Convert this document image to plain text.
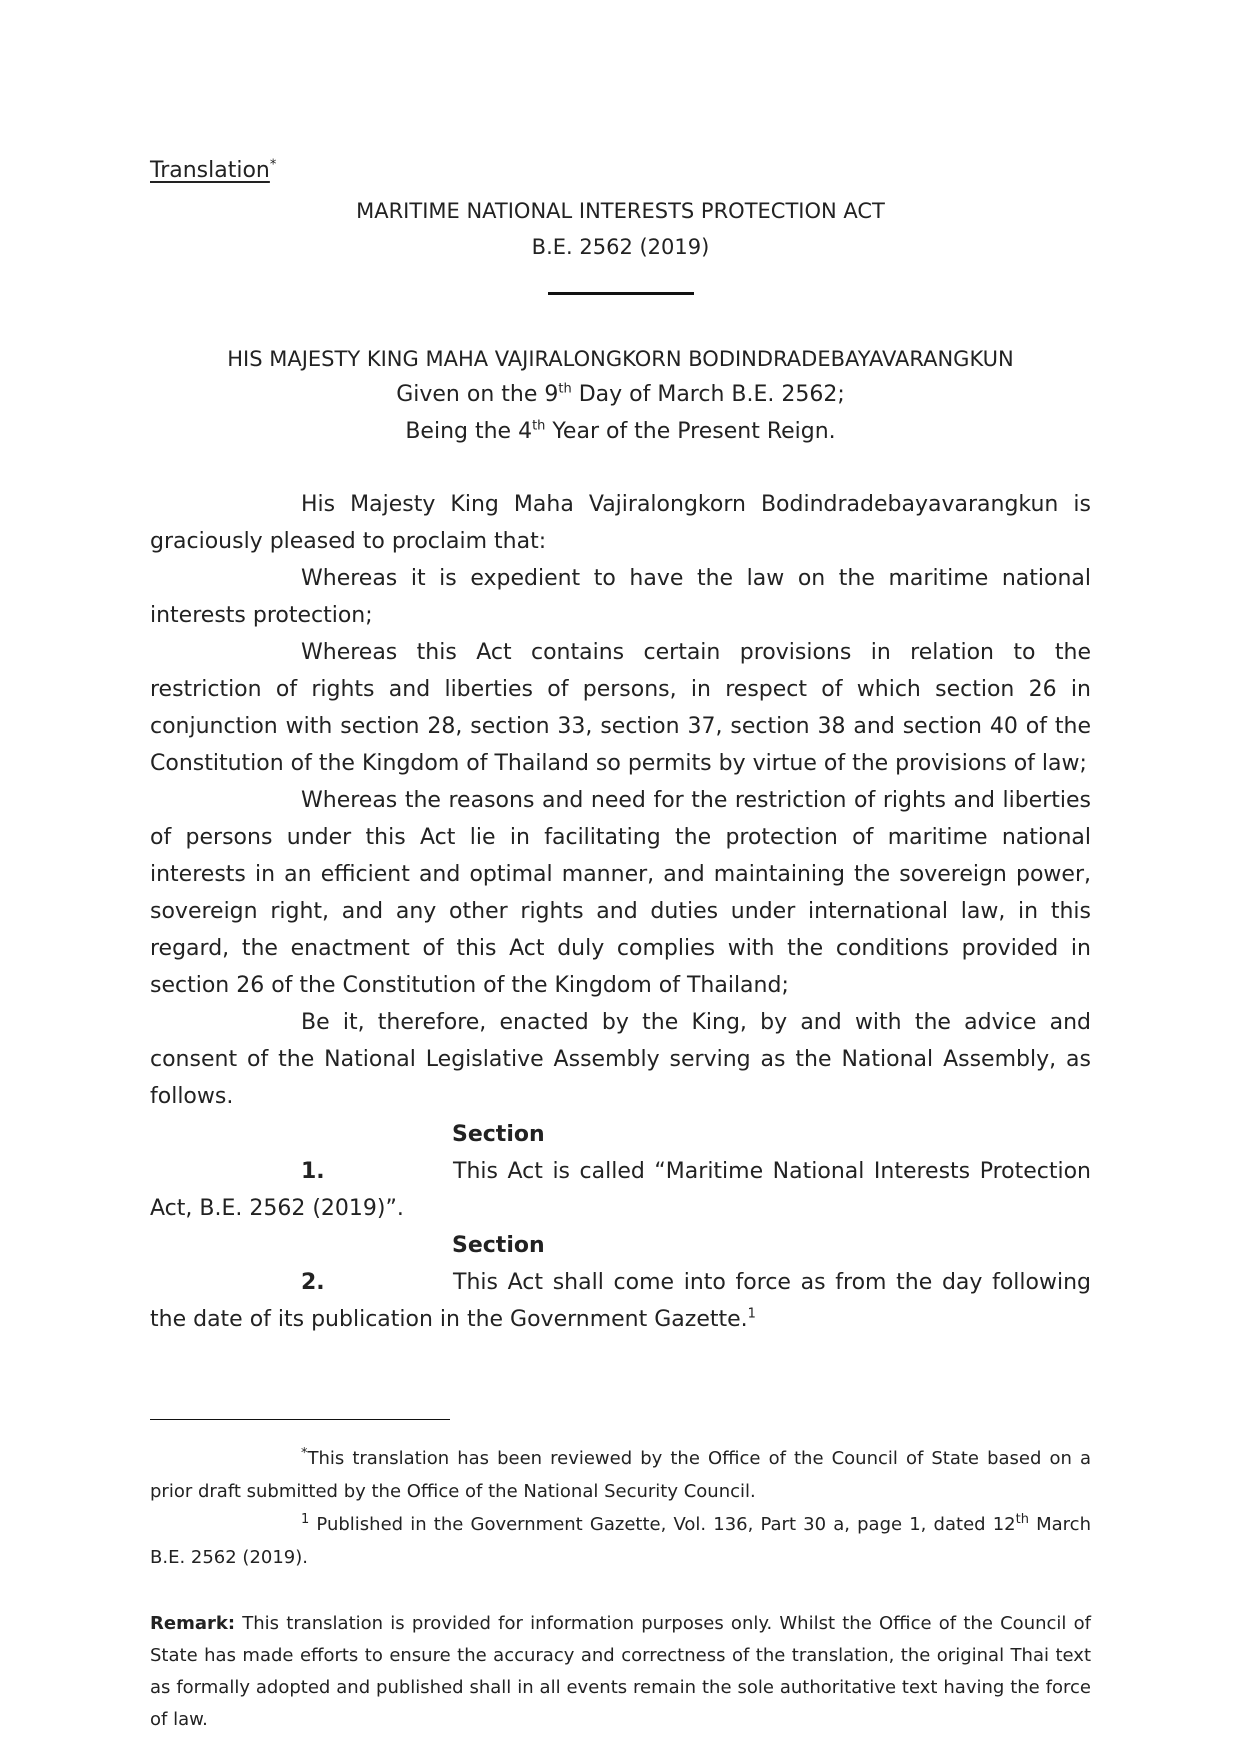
Translation*
MARITIME NATIONAL INTERESTS PROTECTION ACT
B.E. 2562 (2019)
HIS MAJESTY KING MAHA VAJIRALONGKORN BODINDRADEBAYAVARANGKUN
Given on the 9th Day of March B.E. 2562;
Being the 4th Year of the Present Reign.
His Majesty King Maha Vajiralongkorn Bodindradebayavarangkun is graciously pleased to proclaim that:
Whereas it is expedient to have the law on the maritime national interests protection;
Whereas this Act contains certain provisions in relation to the restriction of rights and liberties of persons, in respect of which section 26 in conjunction with section 28, section 33, section 37, section 38 and section 40 of the Constitution of the Kingdom of Thailand so permits by virtue of the provisions of law;
Whereas the reasons and need for the restriction of rights and liberties of persons under this Act lie in facilitating the protection of maritime national interests in an efficient and optimal manner, and maintaining the sovereign power, sovereign right, and any other rights and duties under international law, in this regard, the enactment of this Act duly complies with the conditions provided in section 26 of the Constitution of the Kingdom of Thailand;
Be it, therefore, enacted by the King, by and with the advice and consent of the National Legislative Assembly serving as the National Assembly, as follows.
Section 1.	This Act is called “Maritime National Interests Protection Act, B.E. 2562 (2019)”.
Section 2.	This Act shall come into force as from the day following the date of its publication in the Government Gazette.$^1$
*This translation has been reviewed by the Office of the Council of State based on a prior draft submitted by the Office of the National Security Council.
$^1$ Published in the Government Gazette, Vol. 136, Part 30 a, page 1, dated 12th March B.E. 2562 (2019).
Remark: This translation is provided for information purposes only. Whilst the Office of the Council of State has made efforts to ensure the accuracy and correctness of the translation, the original Thai text as formally adopted and published shall in all events remain the sole authoritative text having the force of law.
